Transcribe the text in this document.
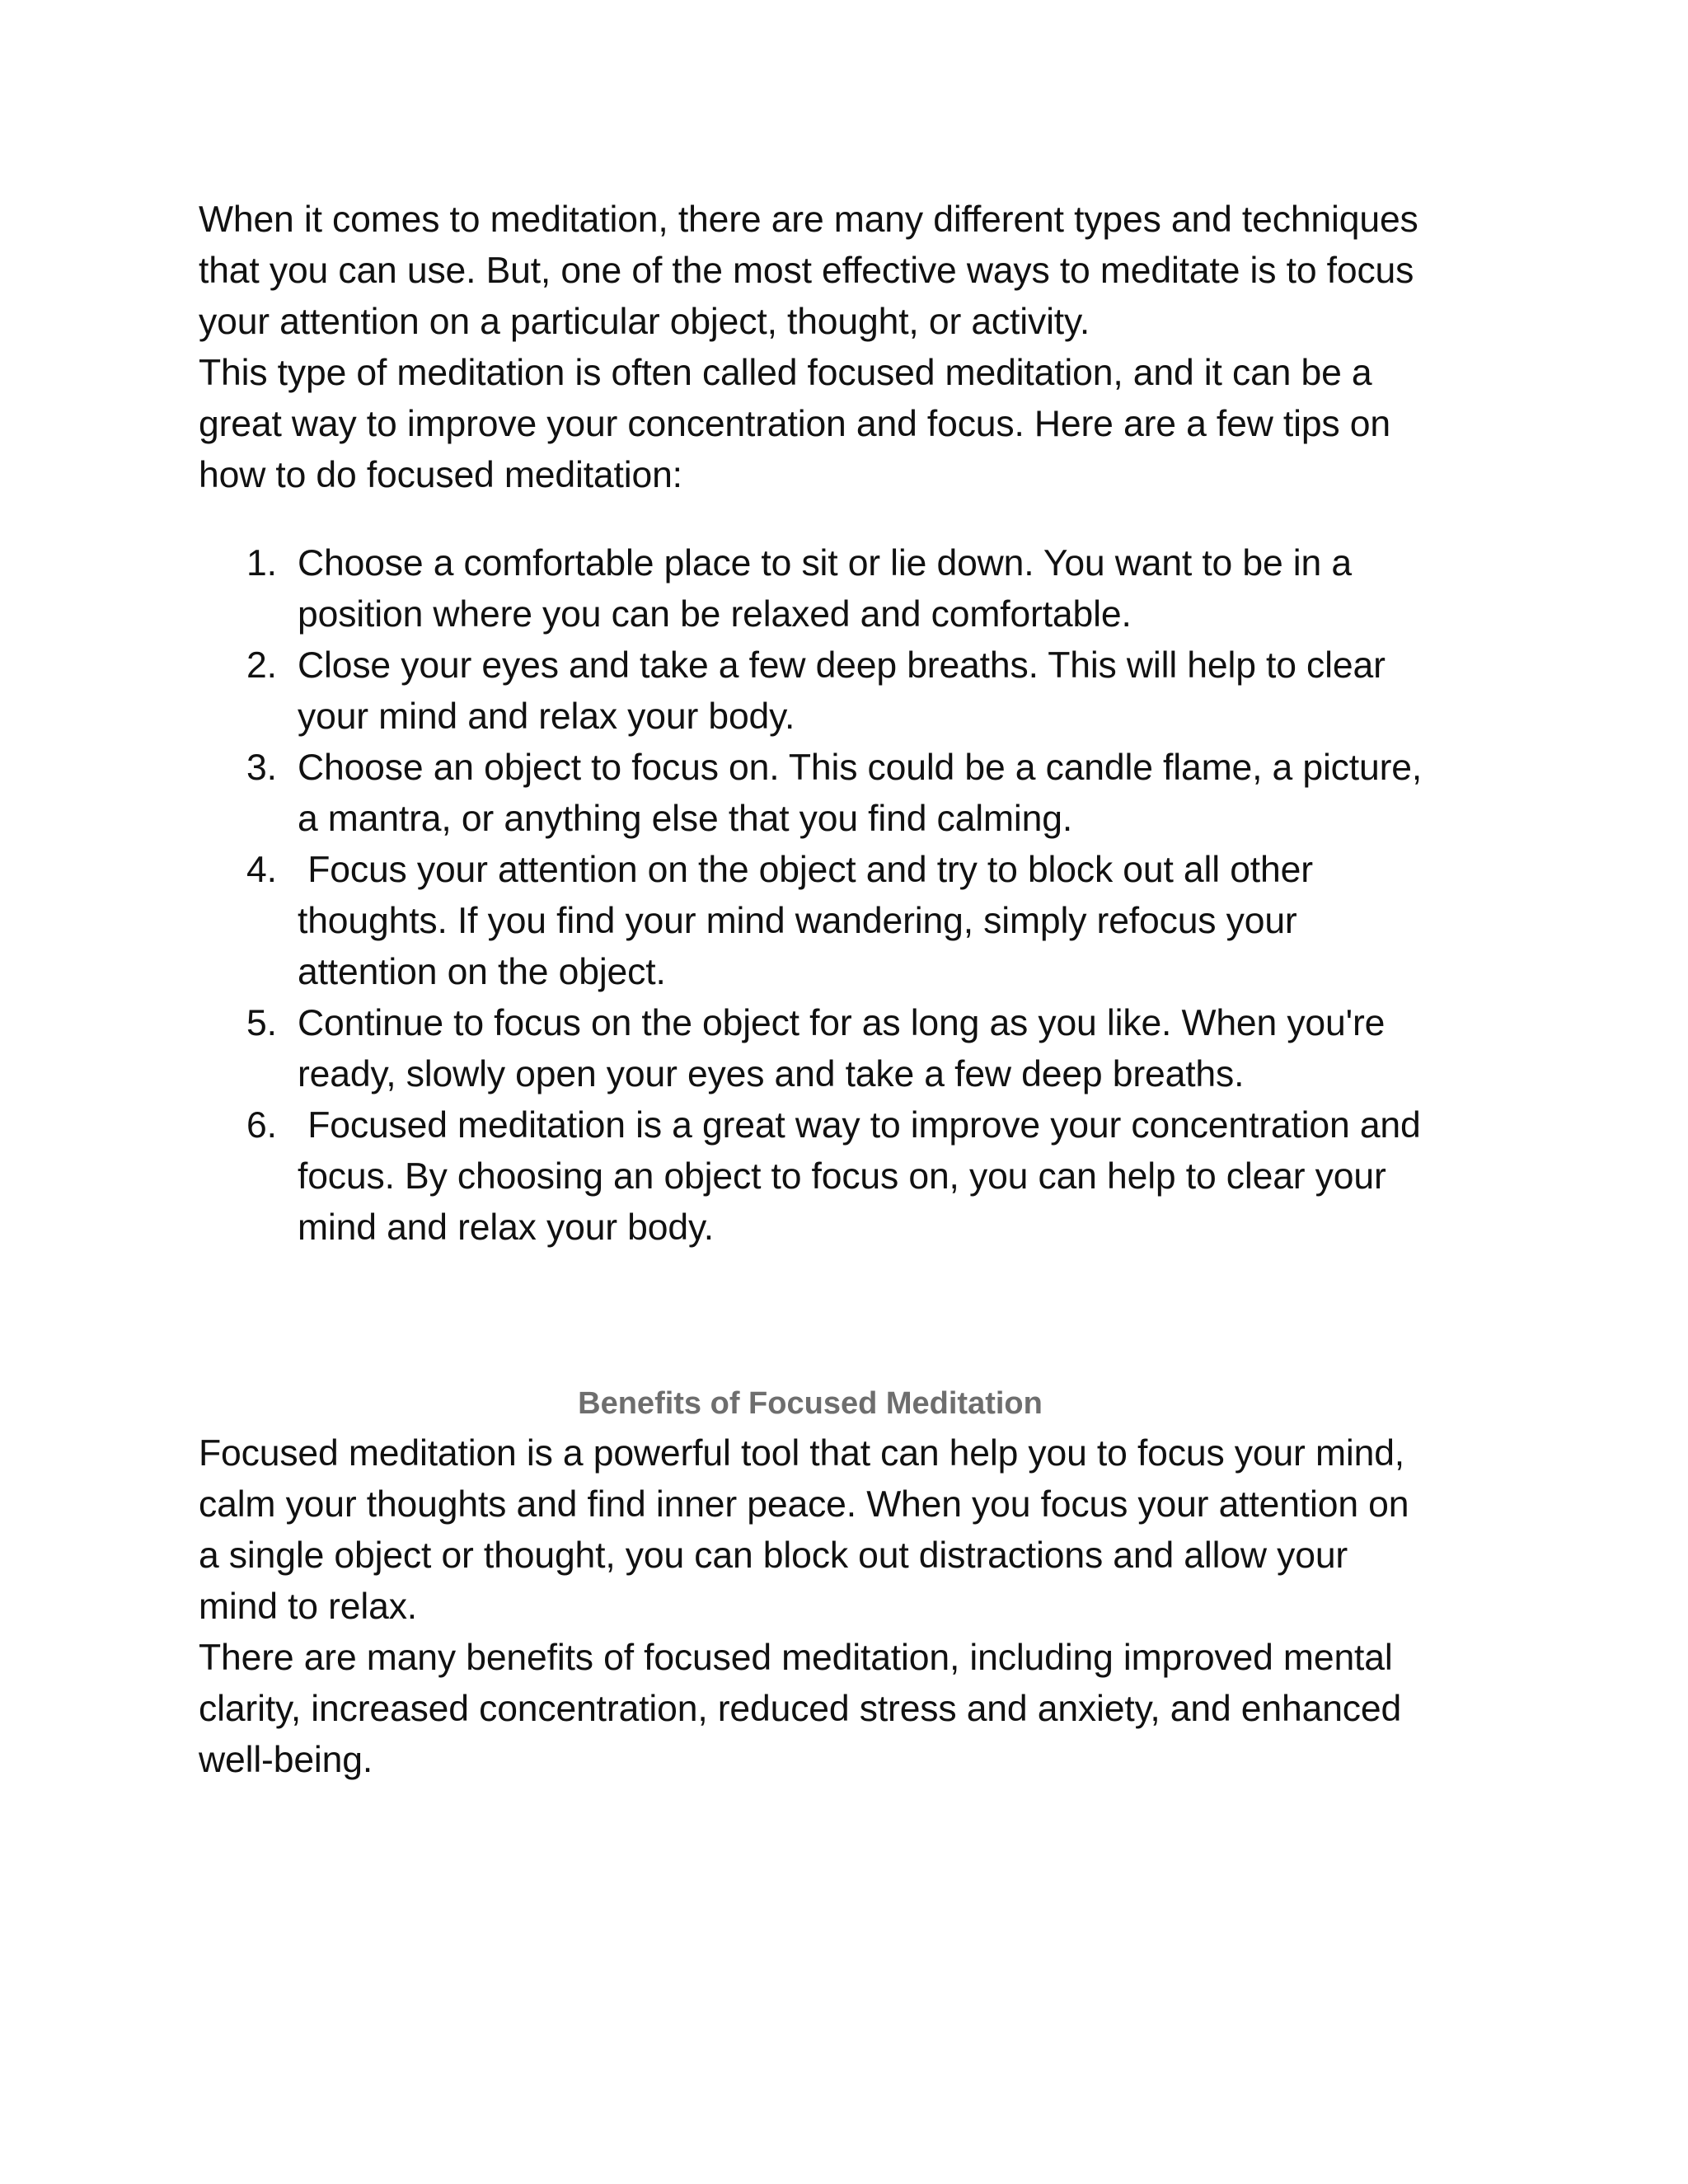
When it comes to meditation, there are many different types and techniques that you can use. But, one of the most effective ways to meditate is to focus your attention on a particular object, thought, or activity.

This type of meditation is often called focused meditation, and it can be a great way to improve your concentration and focus. Here are a few tips on how to do focused meditation:

1. Choose a comfortable place to sit or lie down. You want to be in a position where you can be relaxed and comfortable.
2. Close your eyes and take a few deep breaths. This will help to clear your mind and relax your body.
3. Choose an object to focus on. This could be a candle flame, a picture, a mantra, or anything else that you find calming.
4. Focus your attention on the object and try to block out all other thoughts. If you find your mind wandering, simply refocus your attention on the object.
5. Continue to focus on the object for as long as you like. When you're ready, slowly open your eyes and take a few deep breaths.
6. Focused meditation is a great way to improve your concentration and focus. By choosing an object to focus on, you can help to clear your mind and relax your body.
Benefits of Focused Meditation

Focused meditation is a powerful tool that can help you to focus your mind, calm your thoughts and find inner peace. When you focus your attention on a single object or thought, you can block out distractions and allow your mind to relax.

There are many benefits of focused meditation, including improved mental clarity, increased concentration, reduced stress and anxiety, and enhanced well-being.
